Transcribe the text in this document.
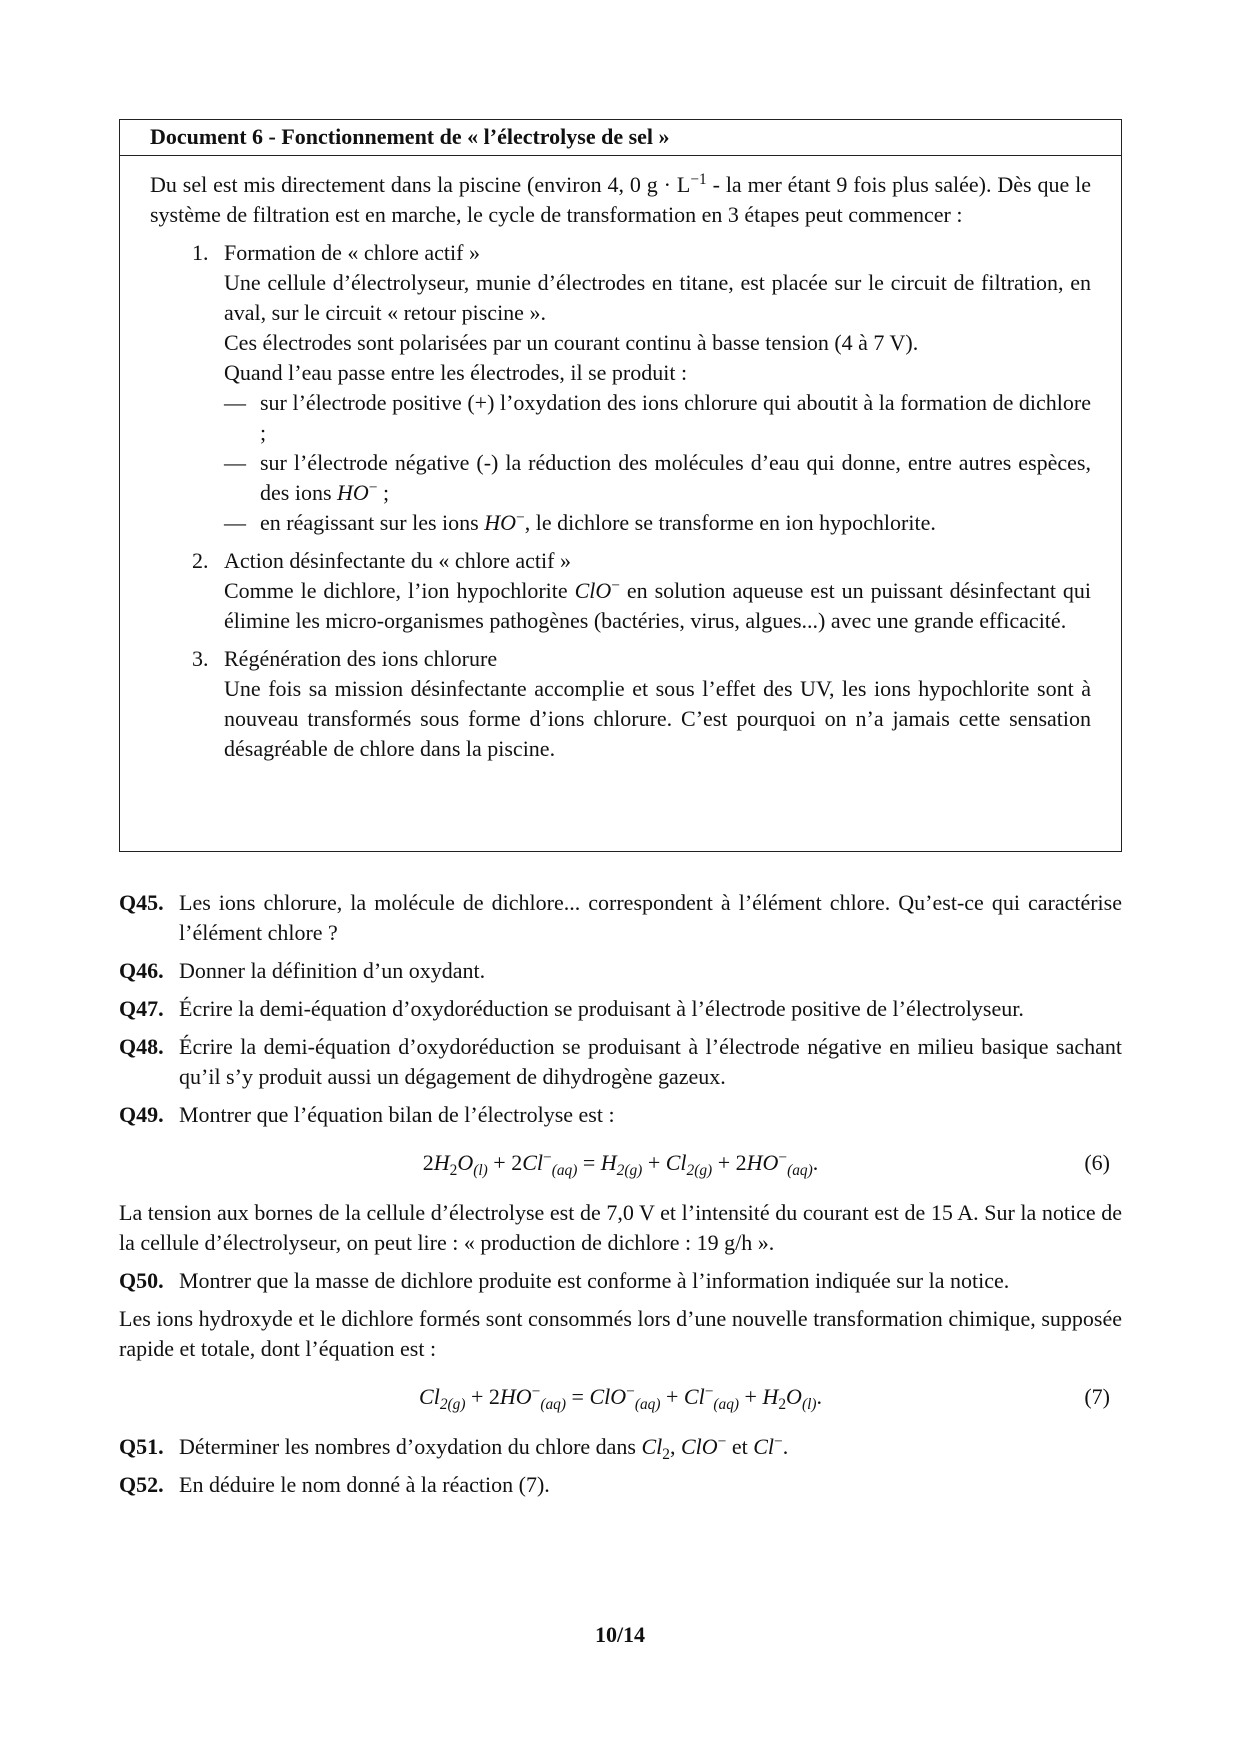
Document 6 - Fonctionnement de « l’électrolyse de sel »

Du sel est mis directement dans la piscine (environ 4, 0 $g \cdot L^{-1}$ - la mer étant 9 fois plus salée). Dès que le système de filtration est en marche, le cycle de transformation en 3 étapes peut commencer :

1. Formation de « chlore actif »

Une cellule d’électrolyseur, munie d’électrodes en titane, est placée sur le circuit de filtration, en aval, sur le circuit « retour piscine ».

Ces électrodes sont polarisées par un courant continu à basse tension (4 à 7 V).

Quand l’eau passe entre les électrodes, il se produit :

— sur l’électrode positive (+) l’oxydation des ions chlorure qui aboutit à la formation de dichlore ;
— sur l’électrode négative (-) la réduction des molécules d’eau qui donne, entre autres espèces, des ions HO− ;
— en réagissant sur les ions HO−, le dichlore se transforme en ion hypochlorite.
2. Action désinfectante du « chlore actif »

Comme le dichlore, l’ion hypochlorite ClO− en solution aqueuse est un puissant désinfectant qui élimine les micro-organismes pathogènes (bactéries, virus, algues...) avec une grande efficacité.

3. Régénération des ions chlorure

Une fois sa mission désinfectante accomplie et sous l’effet des UV, les ions hypochlorite sont à nouveau transformés sous forme d’ions chlorure. C’est pourquoi on n’a jamais cette sensation désagréable de chlore dans la piscine.

Q45. Les ions chlorure, la molécule de dichlore... correspondent à l’élément chlore. Qu’est-ce qui caractérise l’élément chlore ?

Q46. Donner la définition d’un oxydant.

Q47. Écrire la demi-équation d’oxydoréduction se produisant à l’électrode positive de l’électrolyseur.

Q48. Écrire la demi-équation d’oxydoréduction se produisant à l’électrode négative en milieu basique sachant qu’il s’y produit aussi un dégagement de dihydrogène gazeux.

Q49. Montrer que l’équation bilan de l’électrolyse est :

$2H_2O_{(l)} + 2Cl^-_{(aq)} = H_{2(g)} + Cl_{2(g)} + 2HO^-_{(aq)}$.	(6)

La tension aux bornes de la cellule d’électrolyse est de 7,0 V et l’intensité du courant est de 15 A. Sur la notice de la cellule d’électrolyseur, on peut lire : « production de dichlore : 19 g/h ».

Q50. Montrer que la masse de dichlore produite est conforme à l’information indiquée sur la notice.

Les ions hydroxyde et le dichlore formés sont consommés lors d’une nouvelle transformation chimique, supposée rapide et totale, dont l’équation est :

$Cl_{2(g)} + 2HO^-_{(aq)} = ClO^-_{(aq)} + Cl^-_{(aq)} + H_2O_{(l)}$.	(7)

Q51. Déterminer les nombres d’oxydation du chlore dans $Cl_2$, ClO− et Cl−.

Q52. En déduire le nom donné à la réaction (7).

10/14
